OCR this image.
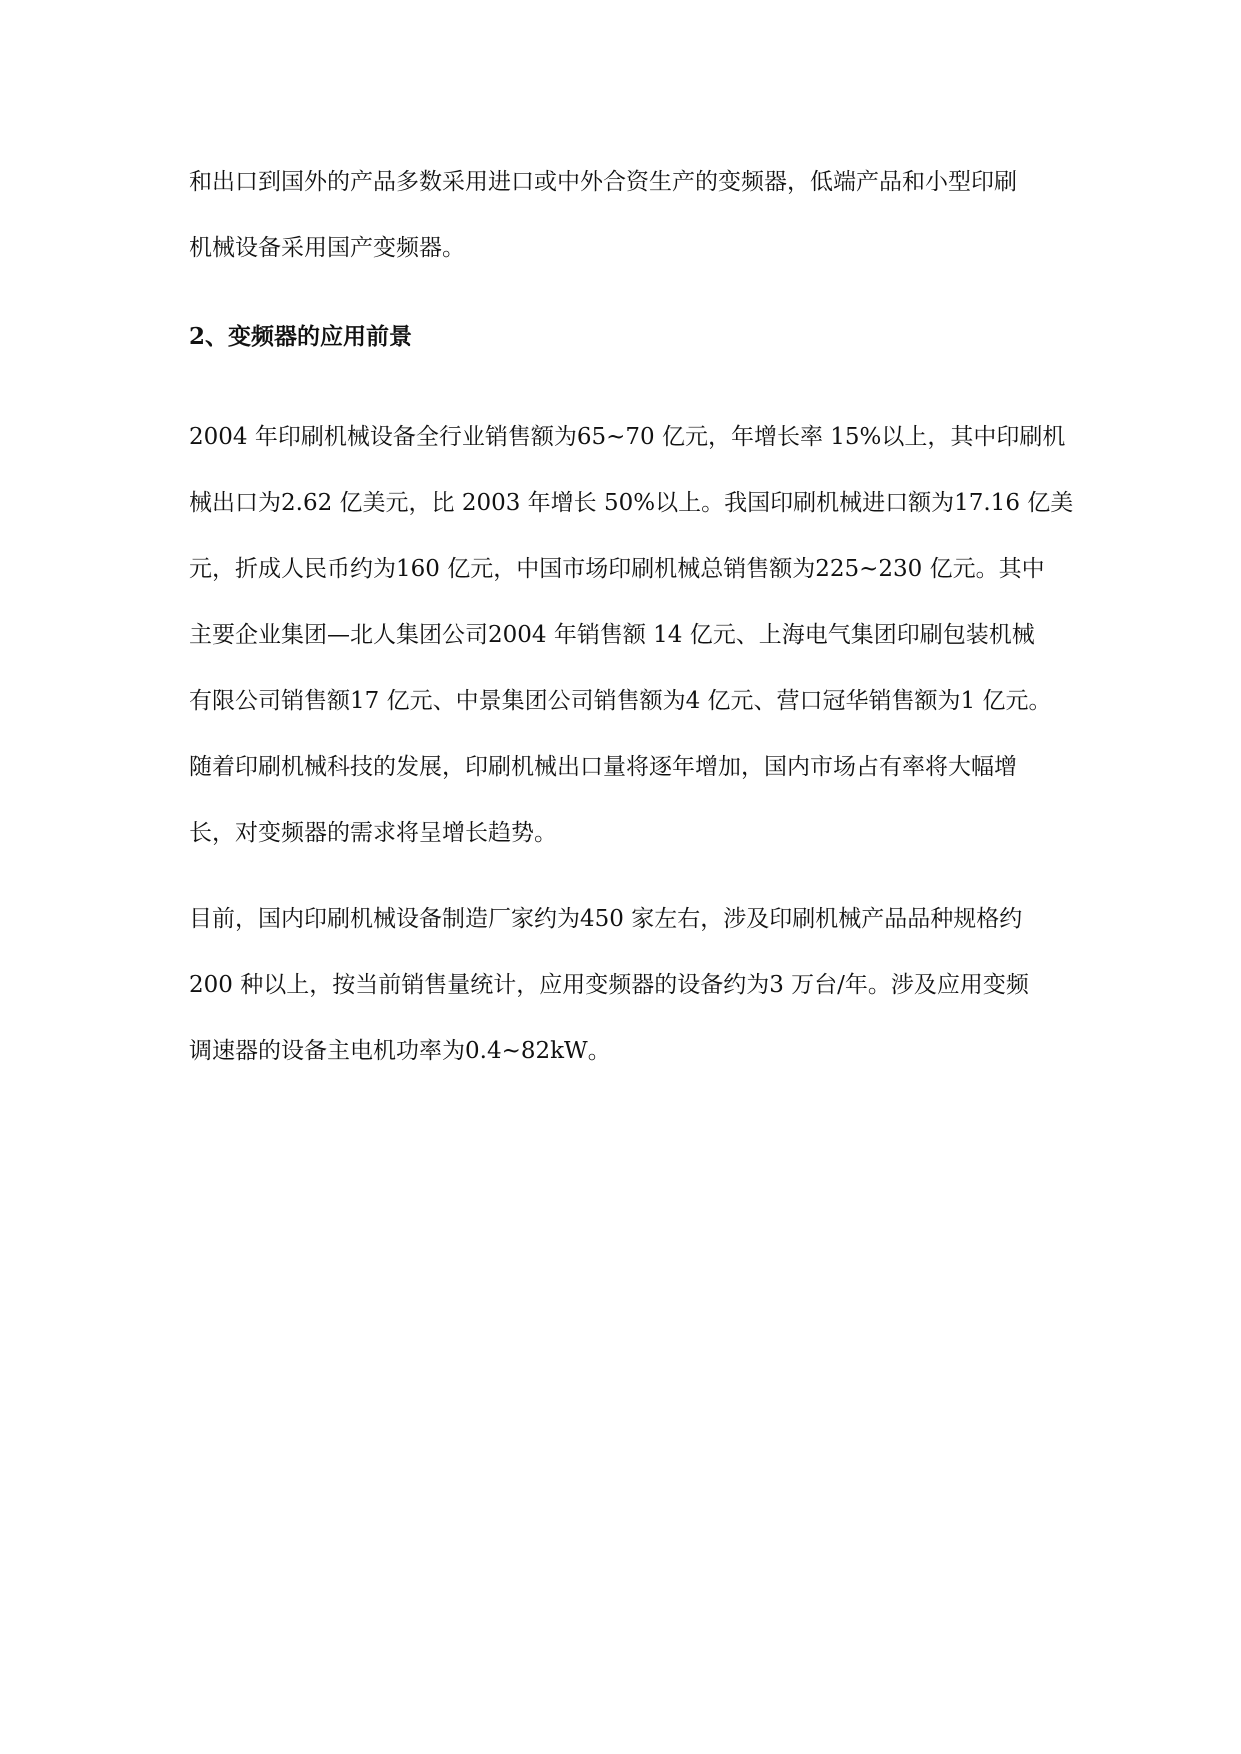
和出口到国外的产品多数采用进口或中外合资生产的变频器，低端产品和小型印刷
机械设备采用国产变频器。
2、变频器的应用前景
2004 年印刷机械设备全行业销售额为65~70 亿元，年增长率 15%以上，其中印刷机
械出口为2.62 亿美元，比 2003 年增长 50%以上。我国印刷机械进口额为17.16 亿美
元，折成人民币约为160 亿元，中国市场印刷机械总销售额为225~230 亿元。其中
主要企业集团—北人集团公司2004 年销售额 14 亿元、上海电气集团印刷包装机械
有限公司销售额17 亿元、中景集团公司销售额为4 亿元、营口冠华销售额为1 亿元。
随着印刷机械科技的发展，印刷机械出口量将逐年增加，国内市场占有率将大幅增
长，对变频器的需求将呈增长趋势。
目前，国内印刷机械设备制造厂家约为450 家左右，涉及印刷机械产品品种规格约
200 种以上，按当前销售量统计，应用变频器的设备约为3 万台/年。涉及应用变频
调速器的设备主电机功率为0.4~82kW。
